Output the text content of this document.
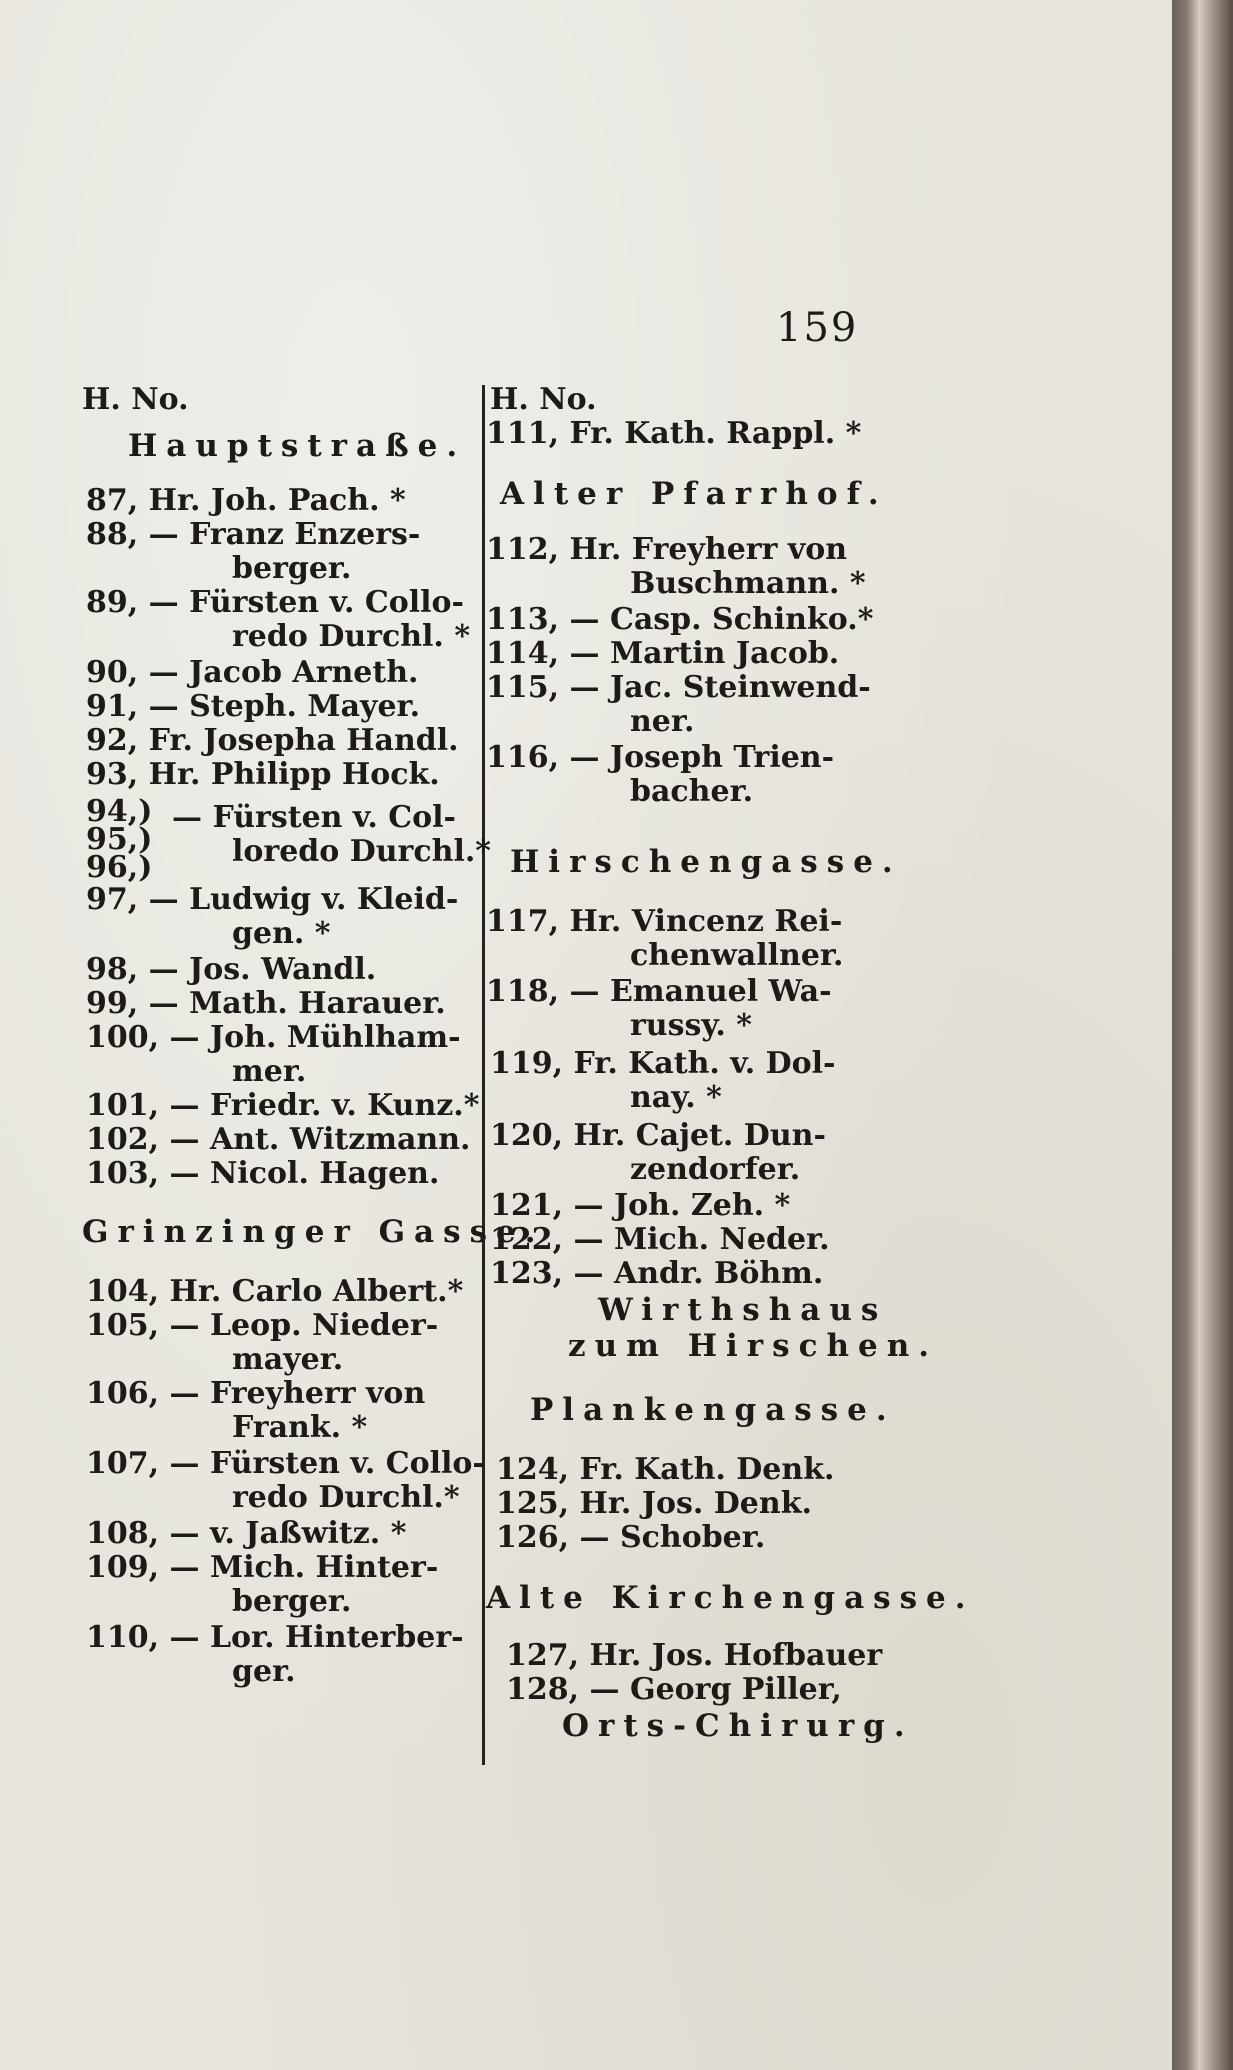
159
H. No.
Hauptstraße.
87, Hr. Joh. Pach. *
88, — Franz Enzers-
berger.
89, — Fürsten v. Collo-
redo Durchl. *
90, — Jacob Arneth.
91, — Steph. Mayer.
92, Fr. Josepha Handl.
93, Hr. Philipp Hock.
94,)
95,)
96,)
— Fürsten v. Col-
loredo Durchl.*
97, — Ludwig v. Kleid-
gen. *
98, — Jos. Wandl.
99, — Math. Harauer.
100, — Joh. Mühlham-
mer.
101, — Friedr. v. Kunz.*
102, — Ant. Witzmann.
103, — Nicol. Hagen.
Grinzinger Gasse.
104, Hr. Carlo Albert.*
105, — Leop. Nieder-
mayer.
106, — Freyherr von
Frank. *
107, — Fürsten v. Collo-
redo Durchl.*
108, — v. Jaßwitz. *
109, — Mich. Hinter-
berger.
110, — Lor. Hinterber-
ger.
H. No.
111, Fr. Kath. Rappl. *
Alter Pfarrhof.
112, Hr. Freyherr von
Buschmann. *
113, — Casp. Schinko.*
114, — Martin Jacob.
115, — Jac. Steinwend-
ner.
116, — Joseph Trien-
bacher.
Hirschengasse.
117, Hr. Vincenz Rei-
chenwallner.
118, — Emanuel Wa-
russy. *
119, Fr. Kath. v. Dol-
nay. *
120, Hr. Cajet. Dun-
zendorfer.
121, — Joh. Zeh. *
122, — Mich. Neder.
123, — Andr. Böhm.
Wirthshaus
zum Hirschen.
Plankengasse.
124, Fr. Kath. Denk.
125, Hr. Jos. Denk.
126, — Schober.
Alte Kirchengasse.
127, Hr. Jos. Hofbauer
128, — Georg Piller,
Orts-Chirurg.
